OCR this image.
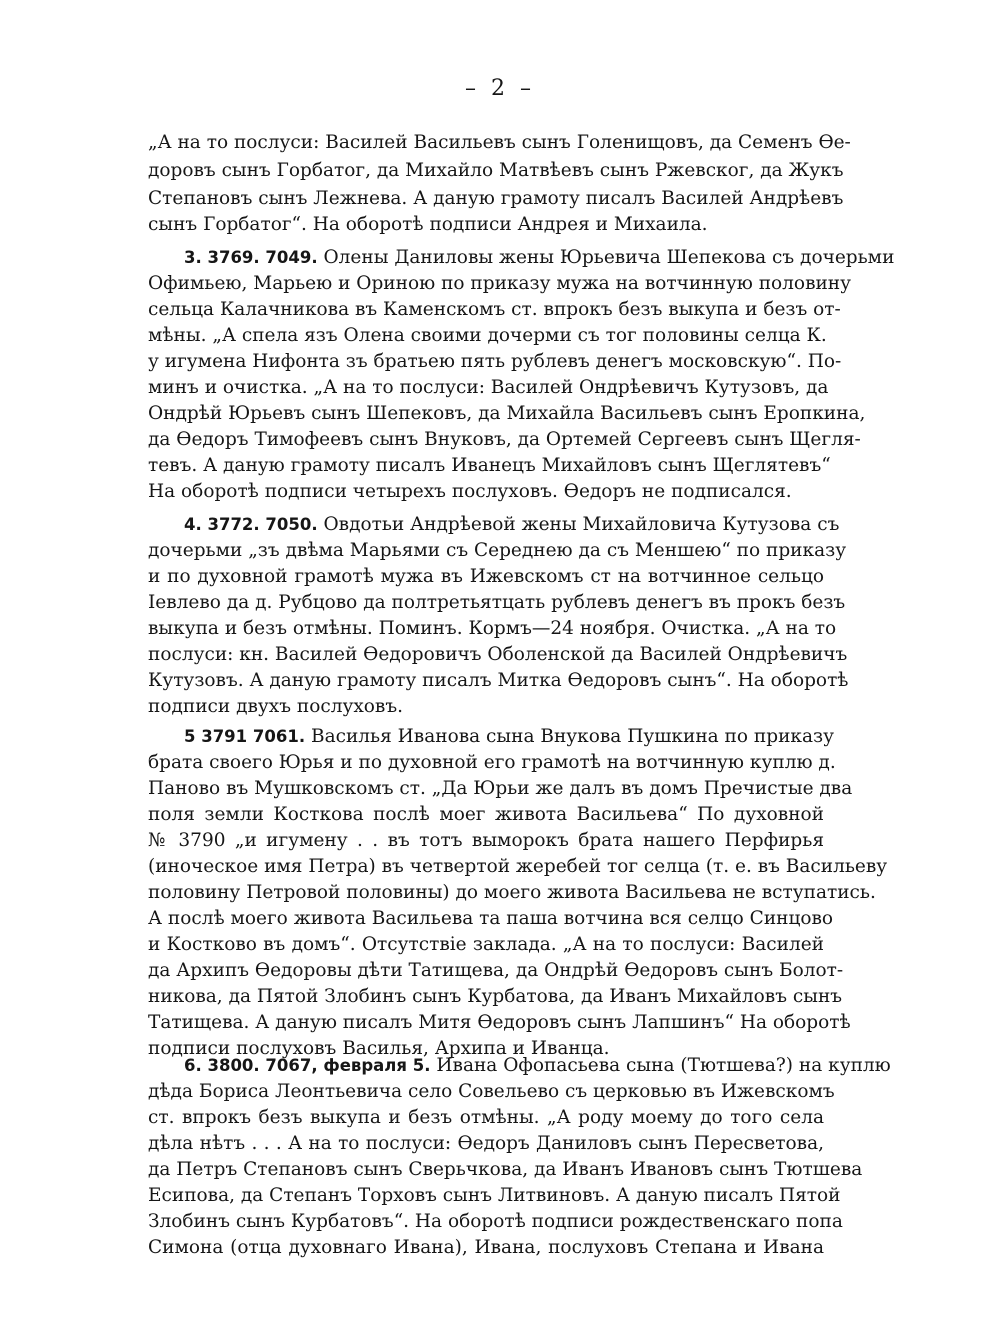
– 2 –
„А на то послуси: Василей Васильевъ сынъ Голенищовъ, да Семенъ Ѳе-
доровъ сынъ Горбатог, да Михайло Матвѣевъ сынъ Ржевског, да Жукъ
Степановъ сынъ Лежнева. А даную грамоту писалъ Василей Андрѣевъ
сынъ Горбатог“. На оборотѣ подписи Андрея и Михаила.
3. 3769. 7049. Олены Даниловы жены Юрьевича Шепекова съ дочерьми
Офимьею, Марьею и Ориною по приказу мужа на вотчинную половину
сельца Калачникова въ Каменскомъ ст. впрокъ безъ выкупа и безъ от-
мѣны. „А спела язъ Олена своими дочерми съ тог половины селца К.
у игумена Нифонта зъ братьею пять рублевъ денегъ московскую“. По-
минъ и очистка. „А на то послуси: Василей Ондрѣевичъ Кутузовъ, да
Ондрѣй Юрьевъ сынъ Шепековъ, да Михайла Васильевъ сынъ Еропкина,
да Ѳедоръ Тимофеевъ сынъ Внуковъ, да Ортемей Сергеевъ сынъ Щегля-
тевъ. А даную грамоту писалъ Иванецъ Михайловъ сынъ Щеглятевъ“
На оборотѣ подписи четырехъ послуховъ. Ѳедоръ не подписался.
4. 3772. 7050. Овдотьи Андрѣевой жены Михайловича Кутузова съ
дочерьми „зъ двѣма Марьями съ Середнею да съ Меншею“ по приказу
и по духовной грамотѣ мужа въ Ижевскомъ ст на вотчинное сельцо
Іевлево да д. Рубцово да полтретьятцать рублевъ денегъ въ прокъ безъ
выкупа и безъ отмѣны. Поминъ. Кормъ—24 ноября. Очистка. „А на то
послуси: кн. Василей Ѳедоровичъ Оболенской да Василей Ондрѣевичъ
Кутузовъ. А даную грамоту писалъ Митка Ѳедоровъ сынъ“. На оборотѣ
подписи двухъ послуховъ.
5 3791 7061. Василья Иванова сына Внукова Пушкина по приказу
брата своего Юрья и по духовной его грамотѣ на вотчинную куплю д.
Паново въ Мушковскомъ ст. „Да Юрьи же далъ въ домъ Пречистые два
поля земли Косткова послѣ моег живота Васильева“ По духовной
№ 3790 „и игумену . . въ тотъ выморокъ брата нашего Перфирья
(иноческое имя Петра) въ четвертой жеребей тог селца (т. е. въ Васильеву
половину Петровой половины) до моего живота Васильева не вступатись.
А послѣ моего живота Васильева та паша вотчина вся селцо Синцово
и Костково въ домъ“. Отсутствіе заклада. „А на то послуси: Василей
да Архипъ Ѳедоровы дѣти Татищева, да Ондрѣй Ѳедоровъ сынъ Болот-
никова, да Пятой Злобинъ сынъ Курбатова, да Иванъ Михайловъ сынъ
Татищева. А даную писалъ Митя Ѳедоровъ сынъ Лапшинъ“ На оборотѣ
подписи послуховъ Василья, Архипа и Иванца.
6. 3800. 7067, февраля 5. Ивана Офопасьева сына (Тютшева?) на куплю
дѣда Бориса Леонтьевича село Совельево съ церковью въ Ижевскомъ
ст. впрокъ безъ выкупа и безъ отмѣны. „А роду моему до того села
дѣла нѣтъ . . . А на то послуси: Ѳедоръ Даниловъ сынъ Пересветова,
да Петръ Степановъ сынъ Сверьчкова, да Иванъ Ивановъ сынъ Тютшева
Есипова, да Степанъ Торховъ сынъ Литвиновъ. А даную писалъ Пятой
Злобинъ сынъ Курбатовъ“. На оборотѣ подписи рождественскаго попа
Симона (отца духовнаго Ивана), Ивана, послуховъ Степана и Ивана
